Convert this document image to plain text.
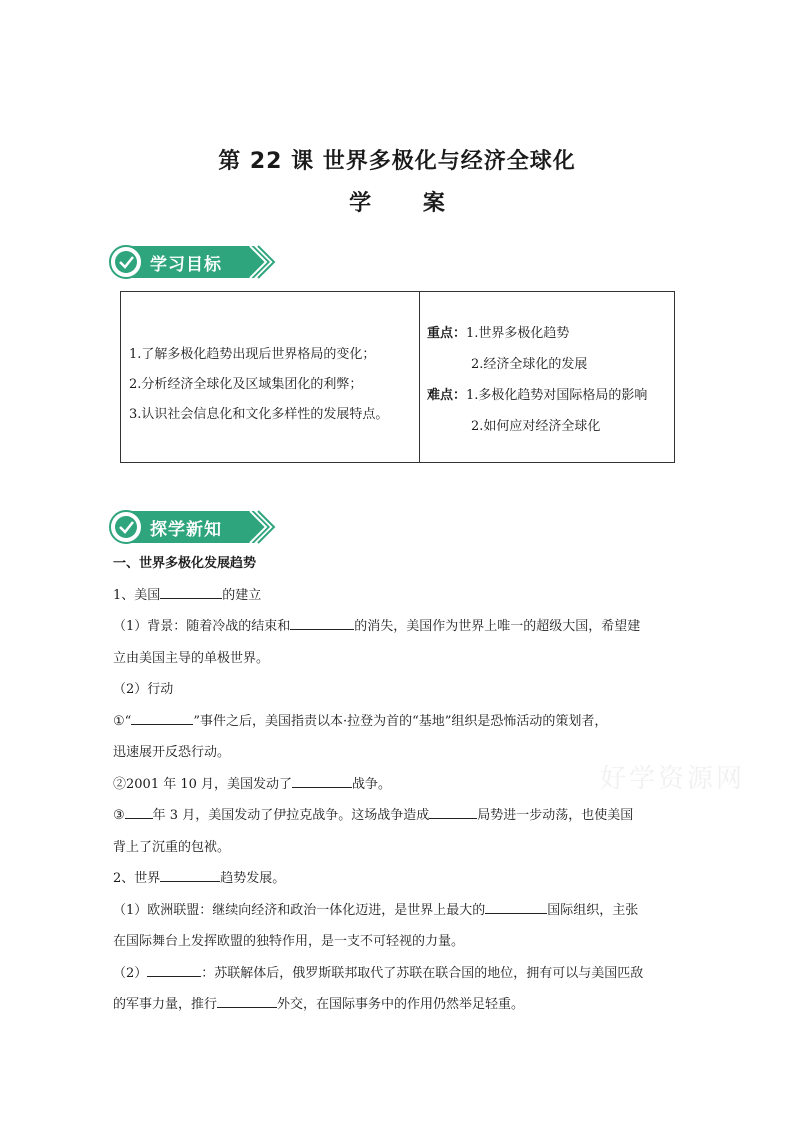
第 22 课 世界多极化与经济全球化
学 案
学习目标
1.了解多极化趋势出现后世界格局的变化；
2.分析经济全球化及区域集团化的利弊；
3.认识社会信息化和文化多样性的发展特点。
重点：1.世界多极化趋势
2.经济全球化的发展
难点：1.多极化趋势对国际格局的影响
2.如何应对经济全球化
探学新知

一、世界多极化发展趋势

1、美国	的建立

（1）背景：随着冷战的结束和	的消失，美国作为世界上唯一的超级大国，希望建

立由美国主导的单极世界。

（2）行动

①“	”事件之后，美国指责以本·拉登为首的“基地”组织是恐怖活动的策划者，

迅速展开反恐行动。

②2001 年 10 月，美国发动了	战争。

③ 年 3 月，美国发动了伊拉克战争。这场战争造成	局势进一步动荡，也使美国

背上了沉重的包袱。

2、世界	趋势发展。

（1）欧洲联盟：继续向经济和政治一体化迈进，是世界上最大的	国际组织，主张

在国际舞台上发挥欧盟的独特作用，是一支不可轻视的力量。

（2）	：苏联解体后，俄罗斯联邦取代了苏联在联合国的地位，拥有可以与美国匹敌

的军事力量，推行	外交，在国际事务中的作用仍然举足轻重。

好学资源网
